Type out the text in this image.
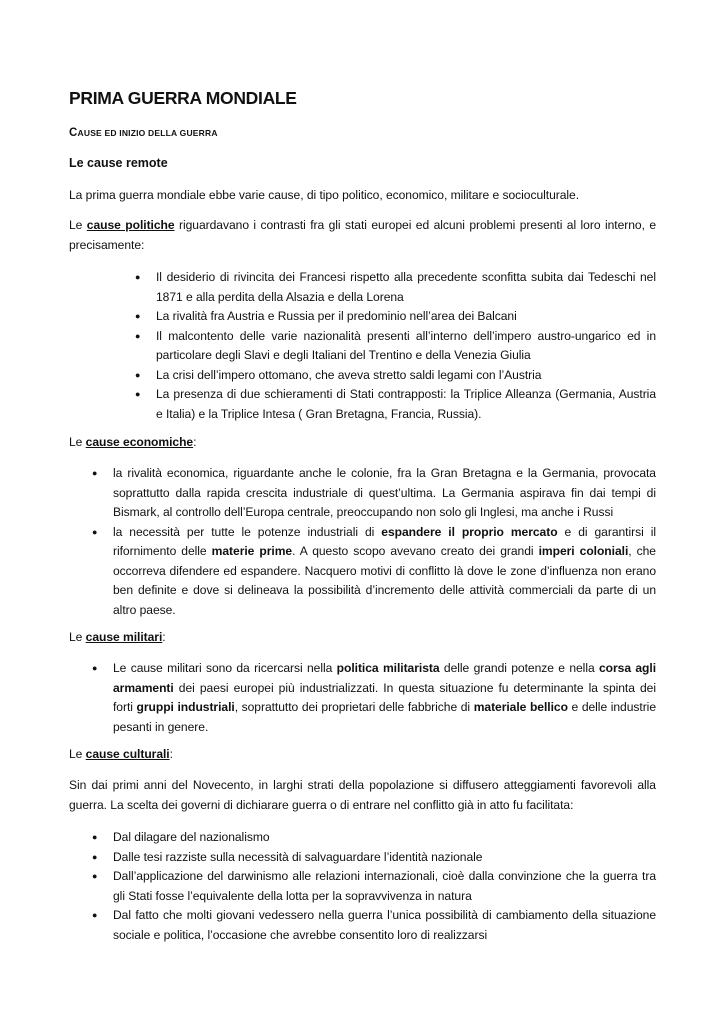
PRIMA GUERRA MONDIALE
CAUSE ED INIZIO DELLA GUERRA
Le cause remote

La prima guerra mondiale ebbe varie cause, di tipo politico, economico, militare e socioculturale.

Le cause politiche riguardavano i contrasti fra gli stati europei ed alcuni problemi presenti al loro interno, e precisamente:

● Il desiderio di rivincita dei Francesi rispetto alla precedente sconfitta subita dai Tedeschi nel 1871 e alla perdita della Alsazia e della Lorena
● La rivalità fra Austria e Russia per il predominio nell’area dei Balcani
● Il malcontento delle varie nazionalità presenti all’interno dell’impero austro-ungarico ed in particolare degli Slavi e degli Italiani del Trentino e della Venezia Giulia
● La crisi dell’impero ottomano, che aveva stretto saldi legami con l’Austria
● La presenza di due schieramenti di Stati contrapposti: la Triplice Alleanza (Germania, Austria e Italia) e la Triplice Intesa ( Gran Bretagna, Francia, Russia).

Le cause economiche:

● la rivalità economica, riguardante anche le colonie, fra la Gran Bretagna e la Germania, provocata soprattutto dalla rapida crescita industriale di quest’ultima. La Germania aspirava fin dai tempi di Bismark, al controllo dell’Europa centrale, preoccupando non solo gli Inglesi, ma anche i Russi
● la necessità per tutte le potenze industriali di espandere il proprio mercato e di garantirsi il rifornimento delle materie prime. A questo scopo avevano creato dei grandi imperi coloniali, che occorreva difendere ed espandere. Nacquero motivi di conflitto là dove le zone d’influenza non erano ben definite e dove si delineava la possibilità d’incremento delle attività commerciali da parte di un altro paese.

Le cause militari:

● Le cause militari sono da ricercarsi nella politica militarista delle grandi potenze e nella corsa agli armamenti dei paesi europei più industrializzati. In questa situazione fu determinante la spinta dei forti gruppi industriali, soprattutto dei proprietari delle fabbriche di materiale bellico e delle industrie pesanti in genere.

Le cause culturali:

Sin dai primi anni del Novecento, in larghi strati della popolazione si diffusero atteggiamenti favorevoli alla guerra. La scelta dei governi di dichiarare guerra o di entrare nel conflitto già in atto fu facilitata:

● Dal dilagare del nazionalismo
● Dalle tesi razziste sulla necessità di salvaguardare l’identità nazionale
● Dall’applicazione del darwinismo alle relazioni internazionali, cioè dalla convinzione che la guerra tra gli Stati fosse l’equivalente della lotta per la sopravvivenza in natura
● Dal fatto che molti giovani vedessero nella guerra l’unica possibilità di cambiamento della situazione sociale e politica, l’occasione che avrebbe consentito loro di realizzarsi
